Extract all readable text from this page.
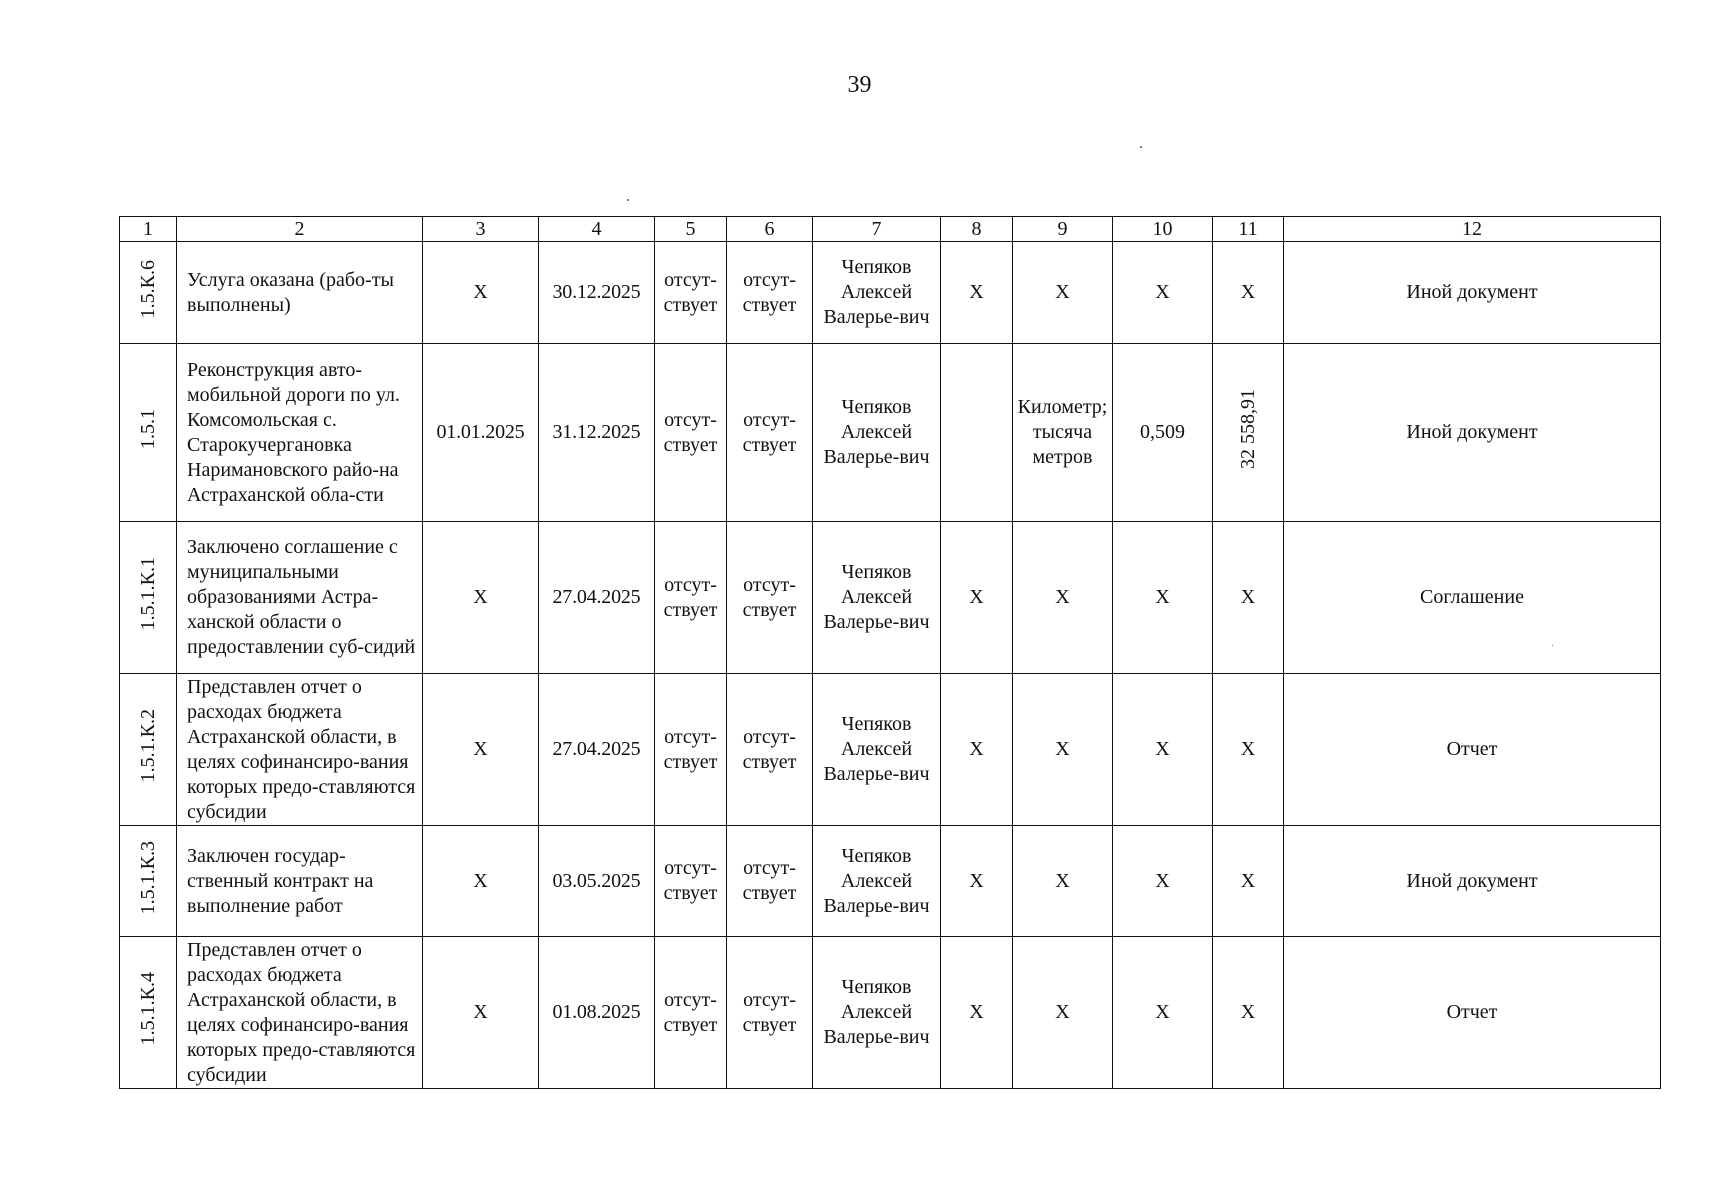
39
1	2	3	4	5	6	7	8	9	10	11	12
1.5.К.6	Услуга оказана (рабо-ты выполнены)	X	30.12.2025	отсут-ствует	отсут-ствует	Чепяков Алексей Валерье-вич	X	X	X	X	Иной документ
1.5.1	Реконструкция авто-мобильной дороги по ул. Комсомольская с. Старокучергановка Наримановского райо-на Астраханской обла-сти	01.01.2025	31.12.2025	отсут-ствует	отсут-ствует	Чепяков Алексей Валерье-вич		Километр; тысяча метров	0,509	32 558,91	Иной документ
1.5.1.К.1	Заключено соглашение с муниципальными образованиями Астра-ханской области о предоставлении суб-сидий	X	27.04.2025	отсут-ствует	отсут-ствует	Чепяков Алексей Валерье-вич	X	X	X	X	Соглашение
1.5.1.К.2	Представлен отчет о расходах бюджета Астраханской области, в целях софинансиро-вания которых предо-ставляются субсидии	X	27.04.2025	отсут-ствует	отсут-ствует	Чепяков Алексей Валерье-вич	X	X	X	X	Отчет
1.5.1.К.3	Заключен государ-ственный контракт на выполнение работ	X	03.05.2025	отсут-ствует	отсут-ствует	Чепяков Алексей Валерье-вич	X	X	X	X	Иной документ
1.5.1.К.4	Представлен отчет о расходах бюджета Астраханской области, в целях софинансиро-вания которых предо-ставляются субсидии	X	01.08.2025	отсут-ствует	отсут-ствует	Чепяков Алексей Валерье-вич	X	X	X	X	Отчет
